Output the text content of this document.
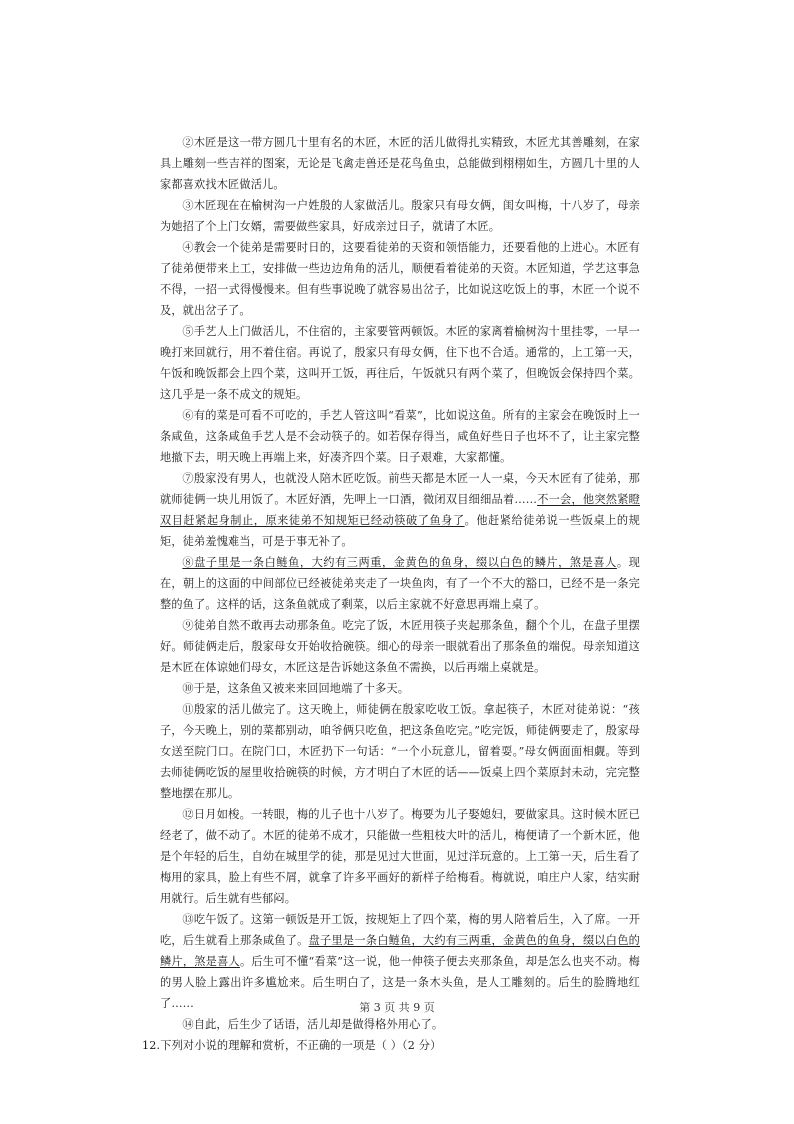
②木匠是这一带方圆几十里有名的木匠，木匠的活儿做得扎实精致，木匠尤其善雕刻，在家具上雕刻一些吉祥的图案，无论是飞禽走兽还是花鸟鱼虫，总能做到栩栩如生，方圆几十里的人家都喜欢找木匠做活儿。

③木匠现在在榆树沟一户姓殷的人家做活儿。殷家只有母女俩，闺女叫梅，十八岁了，母亲为她招了个上门女婿，需要做些家具，好成亲过日子，就请了木匠。

④教会一个徒弟是需要时日的，这要看徒弟的天资和领悟能力，还要看他的上进心。木匠有了徒弟便带来上工，安排做一些边边角角的活儿，顺便看着徒弟的天资。木匠知道，学艺这事急不得，一招一式得慢慢来。但有些事说晚了就容易出岔子，比如说这吃饭上的事，木匠一个说不及，就出岔子了。

⑤手艺人上门做活儿，不住宿的，主家要管两顿饭。木匠的家离着榆树沟十里挂零，一早一晚打来回就行，用不着住宿。再说了，殷家只有母女俩，住下也不合适。通常的，上工第一天，午饭和晚饭都会上四个菜，这叫开工饭，再往后，午饭就只有两个菜了，但晚饭会保持四个菜。这几乎是一条不成文的规矩。

⑥有的菜是可看不可吃的，手艺人管这叫“看菜”，比如说这鱼。所有的主家会在晚饭时上一条咸鱼，这条咸鱼手艺人是不会动筷子的。如若保存得当，咸鱼好些日子也坏不了，让主家完整地撤下去，明天晚上再端上来，好凑齐四个菜。日子艰难，大家都懂。

⑦殷家没有男人，也就没人陪木匠吃饭。前些天都是木匠一人一桌，今天木匠有了徒弟，那就师徒俩一块儿用饭了。木匠好酒，先呷上一口酒，微闭双目细细品着……不一会，他突然紧瞪双目赶紧起身制止，原来徒弟不知规矩已经动筷破了鱼身了。他赶紧给徒弟说一些饭桌上的规矩，徒弟羞愧难当，可是于事无补了。

⑧盘子里是一条白鲢鱼，大约有三两重，金黄色的鱼身，缀以白色的鳞片，煞是喜人。现在，朝上的这面的中间部位已经被徒弟夹走了一块鱼肉，有了一个不大的豁口，已经不是一条完整的鱼了。这样的话，这条鱼就成了剩菜，以后主家就不好意思再端上桌了。

⑨徒弟自然不敢再去动那条鱼。吃完了饭，木匠用筷子夹起那条鱼，翻个个儿，在盘子里摆好。师徒俩走后，殷家母女开始收拾碗筷。细心的母亲一眼就看出了那条鱼的端倪。母亲知道这是木匠在体谅她们母女，木匠这是告诉她这条鱼不需换，以后再端上桌就是。

⑩于是，这条鱼又被来来回回地端了十多天。

⑪殷家的活儿做完了。这天晚上，师徒俩在殷家吃收工饭。拿起筷子，木匠对徒弟说：“孩子，今天晚上，别的菜都别动，咱爷俩只吃鱼，把这条鱼吃完。”吃完饭，师徒俩要走了，殷家母女送至院门口。在院门口，木匠扔下一句话：“一个小玩意儿，留着耍。”母女俩面面相觑。等到去师徒俩吃饭的屋里收拾碗筷的时候，方才明白了木匠的话——饭桌上四个菜原封未动，完完整整地摆在那儿。

⑫日月如梭。一转眼，梅的儿子也十八岁了。梅要为儿子娶媳妇，要做家具。这时候木匠已经老了，做不动了。木匠的徒弟不成才，只能做一些粗枝大叶的活儿，梅便请了一个新木匠，他是个年轻的后生，自幼在城里学的徒，那是见过大世面，见过洋玩意的。上工第一天，后生看了梅用的家具，脸上有些不屑，就拿了许多平画好的新样子给梅看。梅就说，咱庄户人家，结实耐用就行。后生就有些郁闷。

⑬吃午饭了。这第一顿饭是开工饭，按规矩上了四个菜，梅的男人陪着后生，入了席。一开吃，后生就看上那条咸鱼了。盘子里是一条白鲢鱼，大约有三两重，金黄色的鱼身，缀以白色的鳞片，煞是喜人。后生可不懂“看菜”这一说，他一伸筷子便去夹那条鱼，却是怎么也夹不动。梅的男人脸上露出许多尴尬来。后生明白了，这是一条木头鱼，是人工雕刻的。后生的脸腾地红了……

⑭自此，后生少了话语，活儿却是做得格外用心了。

12.下列对小说的理解和赏析，不正确的一项是（ ）（2 分）

第 3 页 共 9 页
